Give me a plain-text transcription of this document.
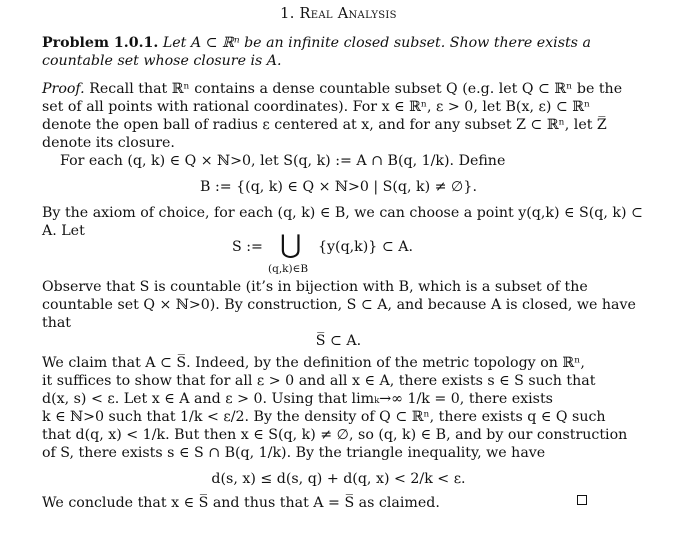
1. Real Analysis
Problem 1.0.1. Let A ⊂ ℝⁿ be an infinite closed subset. Show there exists a
countable set whose closure is A.
Proof. Recall that ℝⁿ contains a dense countable subset Q (e.g. let Q ⊂ ℝⁿ be the
set of all points with rational coordinates). For x ∈ ℝⁿ, ε > 0, let B(x, ε) ⊂ ℝⁿ
denote the open ball of radius ε centered at x, and for any subset Z ⊂ ℝⁿ, let Z̅
denote its closure.
For each (q, k) ∈ Q × ℕ>0, let S(q, k) := A ∩ B(q, 1/k). Define
B := {(q, k) ∈ Q × ℕ>0 | S(q, k) ≠ ∅}.
By the axiom of choice, for each (q, k) ∈ B, we can choose a point y(q,k) ∈ S(q, k) ⊂
A. Let
S := ⋃ {y(q,k)} ⊂ A.
(q,k)∈B
Observe that S is countable (it’s in bijection with B, which is a subset of the
countable set Q × ℕ>0). By construction, S ⊂ A, and because A is closed, we have
that
S̅ ⊂ A.
We claim that A ⊂ S̅. Indeed, by the definition of the metric topology on ℝⁿ,
it suffices to show that for all ε > 0 and all x ∈ A, there exists s ∈ S such that
d(x, s) < ε. Let x ∈ A and ε > 0. Using that limₖ→∞ 1/k = 0, there exists
k ∈ ℕ>0 such that 1/k < ε/2. By the density of Q ⊂ ℝⁿ, there exists q ∈ Q such
that d(q, x) < 1/k. But then x ∈ S(q, k) ≠ ∅, so (q, k) ∈ B, and by our construction
of S, there exists s ∈ S ∩ B(q, 1/k). By the triangle inequality, we have
d(s, x) ≤ d(s, q) + d(q, x) < 2/k < ε.
We conclude that x ∈ S̅ and thus that A = S̅ as claimed.
